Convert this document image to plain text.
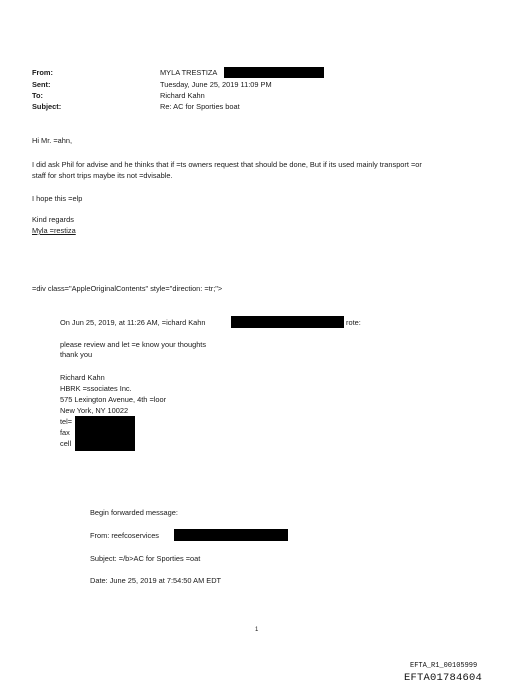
From:	MYLA TRESTIZA
Sent:	Tuesday, June 25, 2019 11:09 PM
To:	Richard Kahn
Subject:	Re: AC for Sporties boat
Hi Mr. =ahn,
I did ask Phil for advise and he thinks that if =ts owners request that should be done, But if its used mainly transport =or
staff for short trips maybe its not =dvisable.
I hope this =elp
Kind regards
Myla =restiza
=div class="AppleOriginalContents" style="direction: =tr;">
On Jun 25, 2019, at 11:26 AM, =ichard Kahn	rote:
please review and let =e know your thoughts
thank you
Richard Kahn
HBRK =ssociates Inc.
575 Lexington Avenue, 4th =loor
New York, NY 10022
tel=
fax
cell
Begin forwarded message:
From: reefcoservices
Subject: =/b>AC for Sporties =oat
Date: June 25, 2019 at 7:54:50 AM EDT
1
EFTA_R1_00105999
EFTA01784604
